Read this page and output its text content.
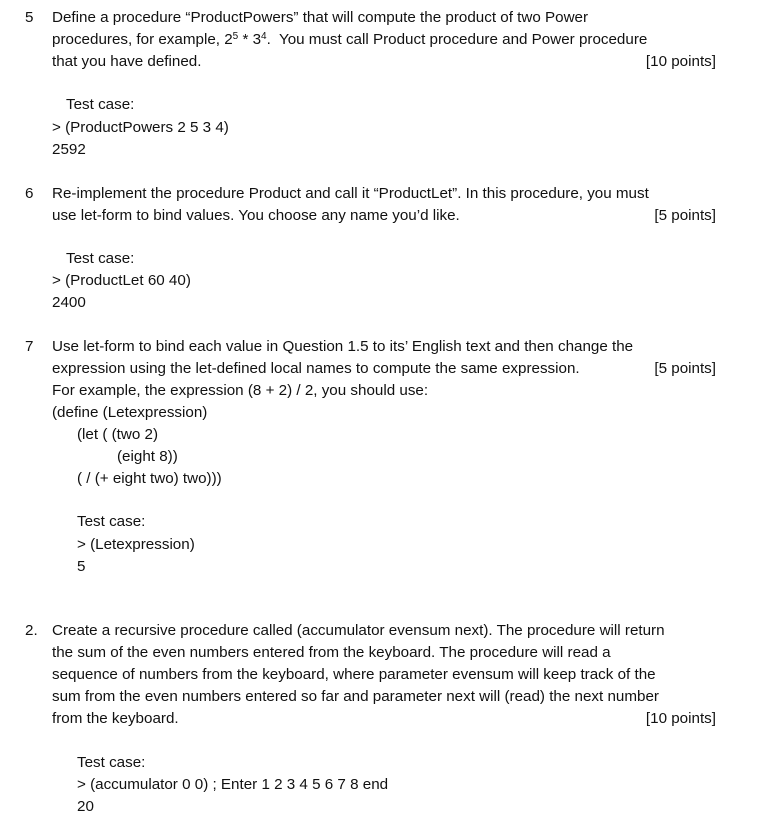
5 Define a procedure “ProductPowers” that will compute the product of two Power
procedures, for example, $2^5 * 3^4$.  You must call Product procedure and Power procedure
that you have defined.	[10 points]
Test case:
> (ProductPowers 2 5 3 4)
2592
6 Re-implement the procedure Product and call it “ProductLet”. In this procedure, you must
use let-form to bind values. You choose any name you’d like.	[5 points]
Test case:
> (ProductLet 60 40)
2400
7 Use let-form to bind each value in Question 1.5 to its’ English text and then change the
expression using the let-defined local names to compute the same expression.	[5 points]
For example, the expression (8 + 2) / 2, you should use:
(define (Letexpression)
(let ( (two 2)
(eight 8))
( / (+ eight two) two)))
Test case:
> (Letexpression)
5
2. Create a recursive procedure called (accumulator evensum next). The procedure will return
the sum of the even numbers entered from the keyboard. The procedure will read a
sequence of numbers from the keyboard, where parameter evensum will keep track of the
sum from the even numbers entered so far and parameter next will (read) the next number
from the keyboard.	[10 points]
Test case:
> (accumulator 0 0) ; Enter 1 2 3 4 5 6 7 8 end
20
